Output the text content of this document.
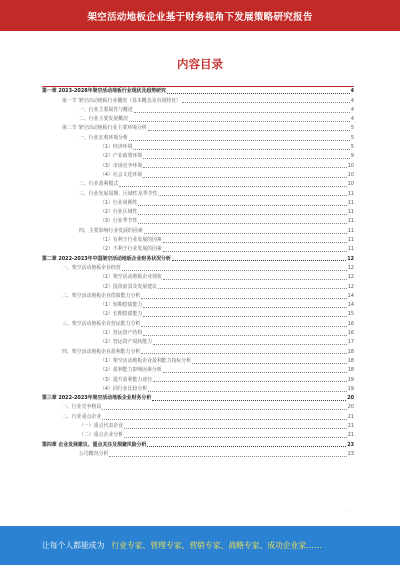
架空活动地板企业基于财务视角下发展策略研究报告
内容目录
第一章 2023-2028年架空活动地板行业现状及趋势研究	4
第一节 架空活动地板行业概况（基本概念及市场特征）	4
一、行业主要属性与概述	4
二、行业主要发展概况	4
第二节 架空活动地板行业主要环境分析	5
一、行业宏观环境分析	5
（1）经济环境	5
（2）产业政策环境	9
（3）市场竞争环境	10
（4）社会文化环境	10
二、行业盈利模式	10
三、行业发展周期、区域性及季节性	11
（1）行业周期性	11
（2）行业区域性	11
（3）行业季节性	11
四、主要影响行业发展的因素	11
（1）有利于行业发展的因素	11
（2）不利于行业发展的因素	11
第二章 2022-2023年中国架空活动地板企业财务状况分析	12
一、架空活动地板企业经营	12
（1）架空活动地板企业现状	12
（2）投资前景及发展建议	12
二、架空活动地板企业偿债能力分析	14
（1）短期偿债能力	14
（2）长期偿债能力	15
三、架空活动地板企业营运能力分析	16
（1）营运资产结构	16
（2）营运资产周转能力	17
四、架空活动地板企业盈利能力分析	18
（1）架空活动地板企业盈利能力指标分析	18
（2）盈利能力影响因素分析	18
（3）提升盈利能力途径	19
（4）同行业比较分析	19
第三章 2022-2023年架空活动地板企业财务分析	20
一、行业竞争格局	20
二、行业重点企业	21
（一）重点代表企业	21
（二）重点企业分析	21
第四章 企业发展建议、重点关注及规避风险分析	23
公司概况分析	23
·
让每个人都能成为 行业专家、管理专家、营销专家、战略专家、成功企业家……
